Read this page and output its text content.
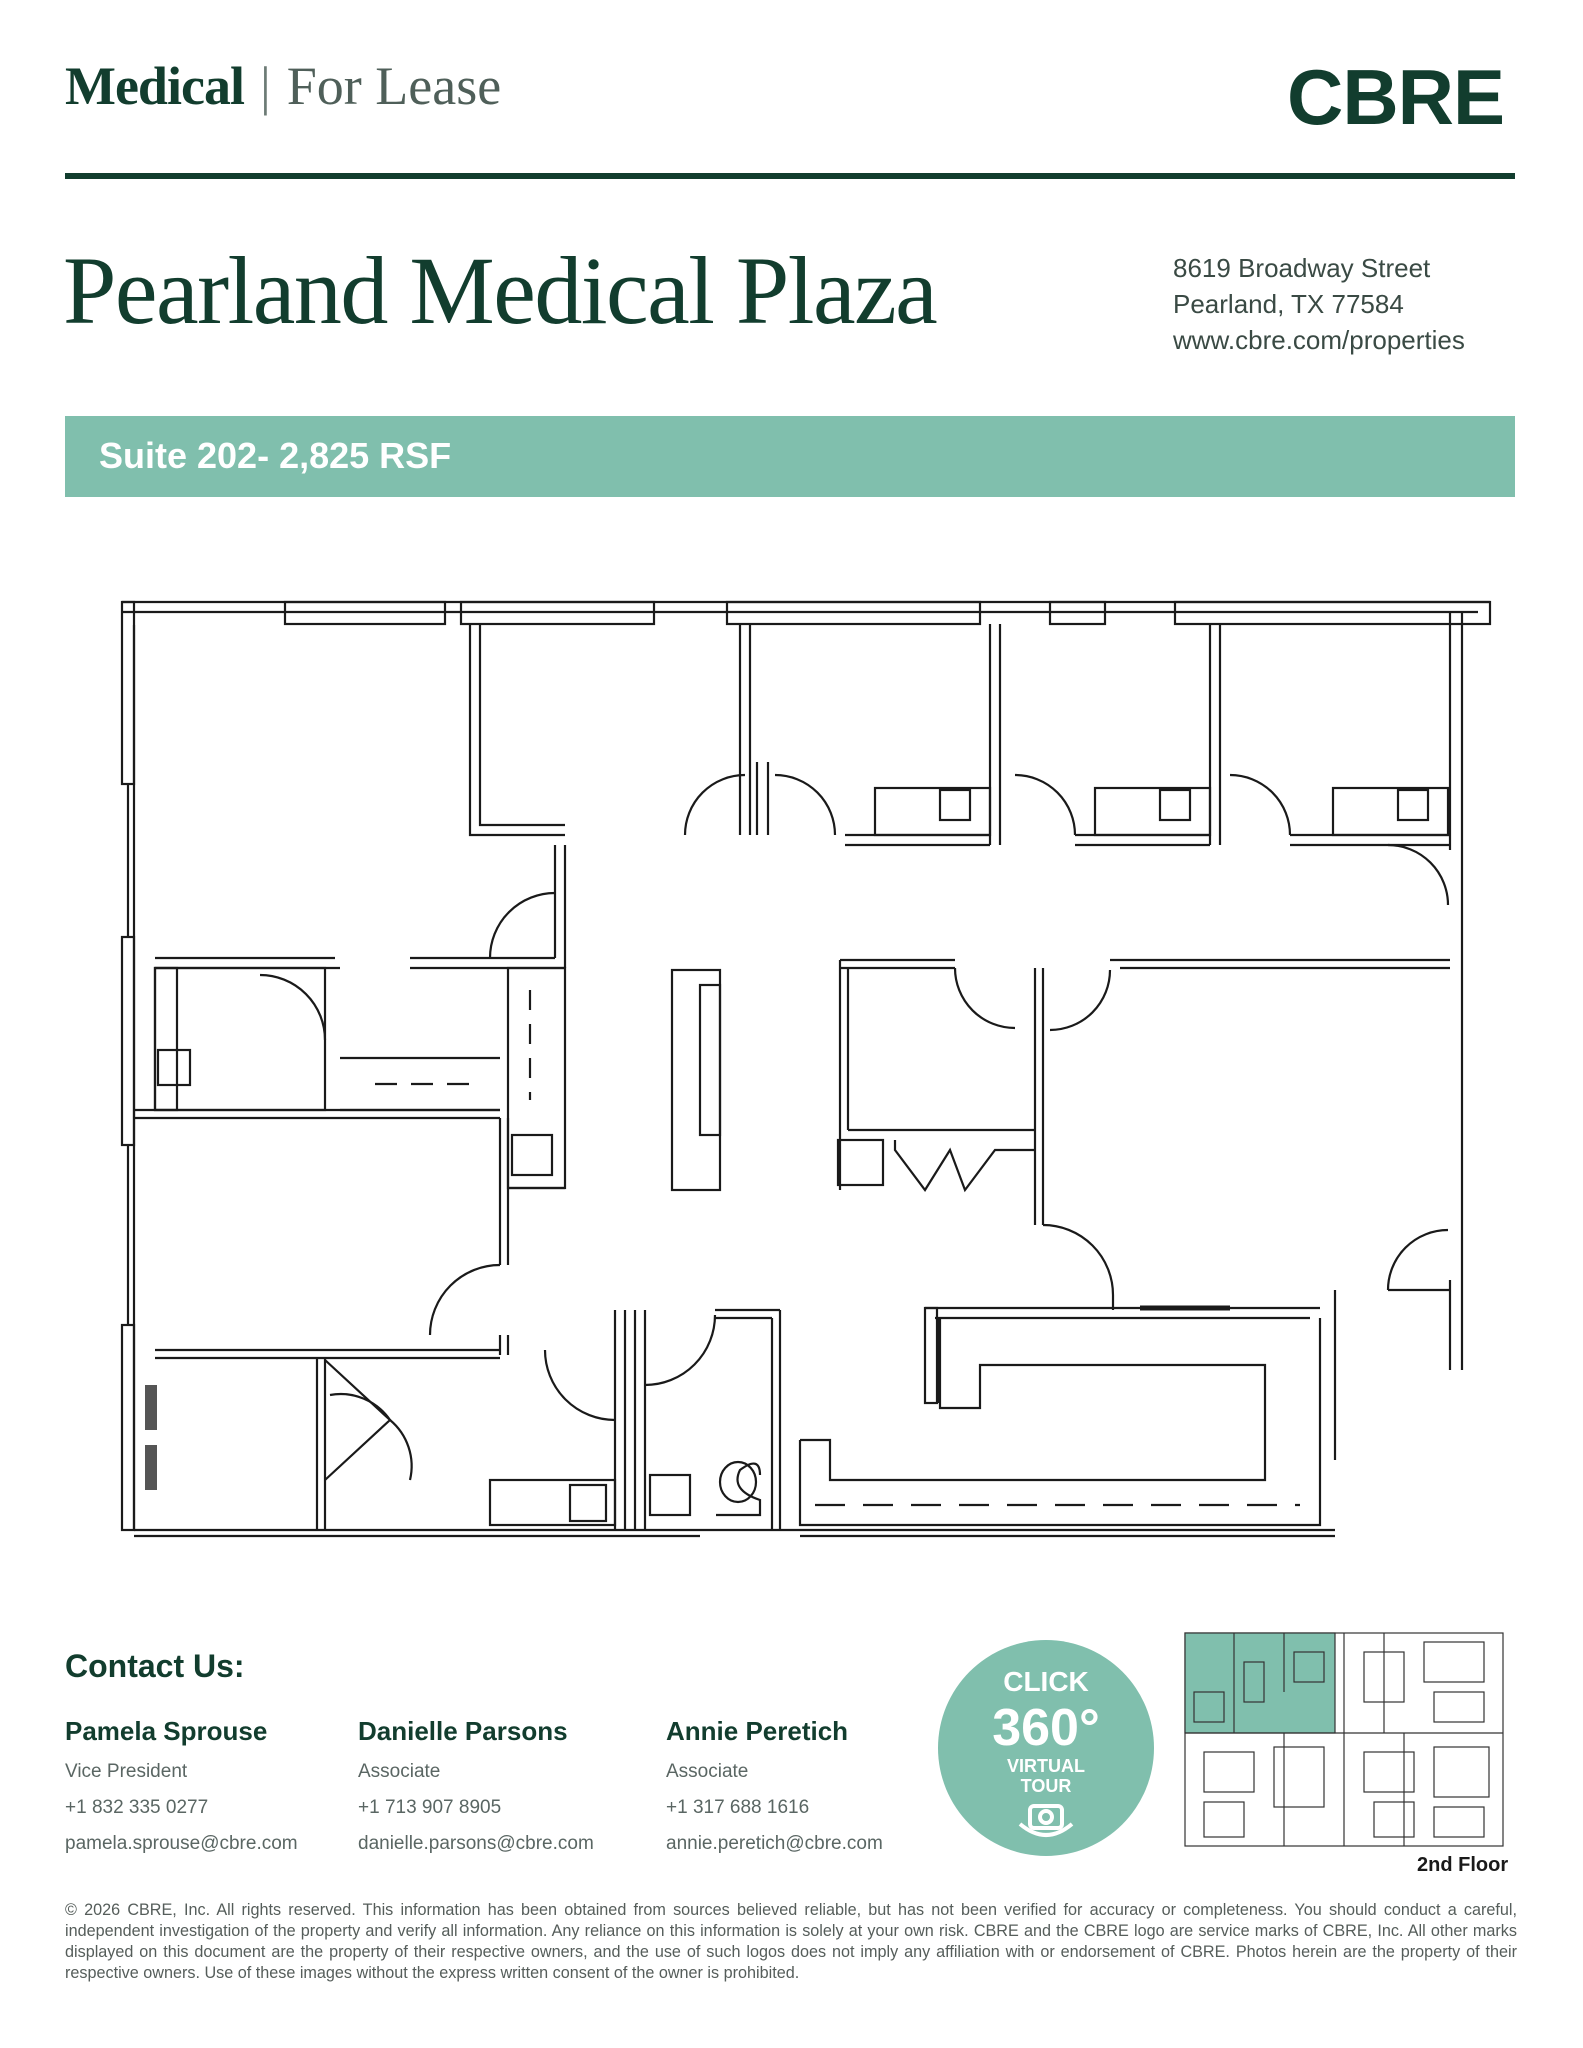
Medical | For Lease	CBRE
Pearland Medical Plaza	8619 Broadway Street
Pearland, TX 77584
www.cbre.com/properties
Suite 202- 2,825 RSF
Contact Us:
Pamela Sprouse
Vice President
+1 832 335 0277
pamela.sprouse@cbre.com
Danielle Parsons
Associate
+1 713 907 8905
danielle.parsons@cbre.com
Annie Peretich
Associate
+1 317 688 1616
annie.peretich@cbre.com
CLICK
360°
VIRTUAL
TOUR
2nd Floor
© 2026 CBRE, Inc. All rights reserved. This information has been obtained from sources believed reliable, but has not been verified for accuracy or completeness. You should conduct a careful, independent investigation of the property and verify all information. Any reliance on this information is solely at your own risk. CBRE and the CBRE logo are service marks of CBRE, Inc. All other marks displayed on this document are the property of their respective owners, and the use of such logos does not imply any affiliation with or endorsement of CBRE. Photos herein are the property of their respective owners. Use of these images without the express written consent of the owner is prohibited.
